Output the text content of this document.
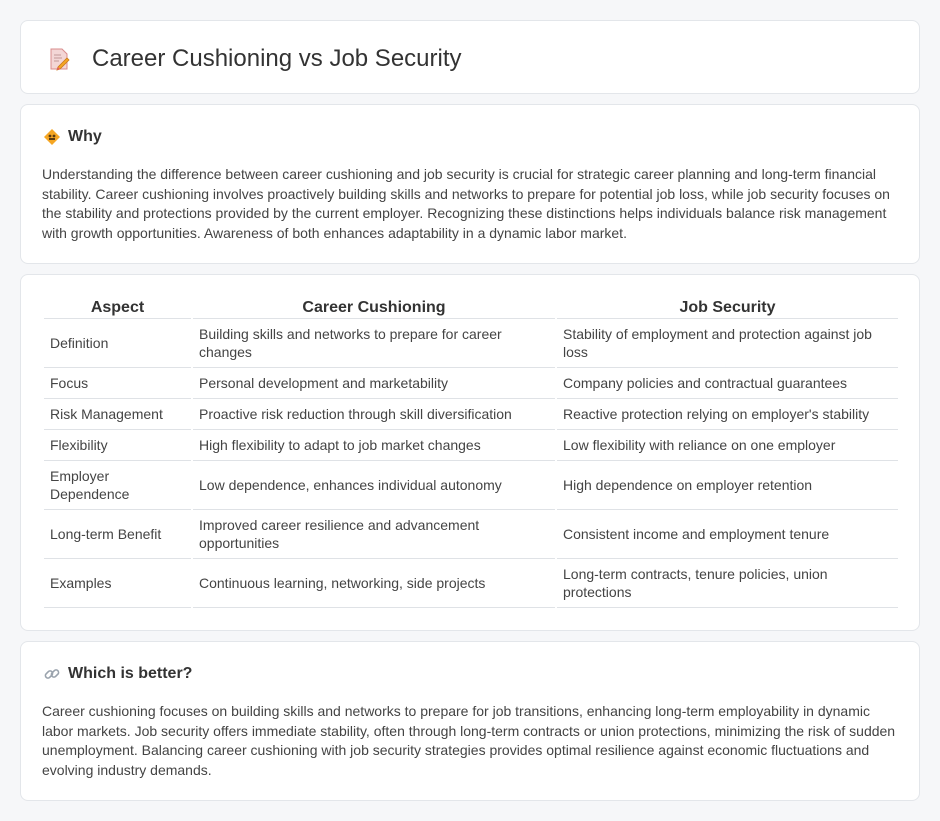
Career Cushioning vs Job Security
Why

Understanding the difference between career cushioning and job security is crucial for strategic career planning and long-term financial stability. Career cushioning involves proactively building skills and networks to prepare for potential job loss, while job security focuses on the stability and protections provided by the current employer. Recognizing these distinctions helps individuals balance risk management with growth opportunities. Awareness of both enhances adaptability in a dynamic labor market.

Aspect	Career Cushioning	Job Security
Definition	Building skills and networks to prepare for career changes	Stability of employment and protection against job loss
Focus	Personal development and marketability	Company policies and contractual guarantees
Risk Management	Proactive risk reduction through skill diversification	Reactive protection relying on employer's stability
Flexibility	High flexibility to adapt to job market changes	Low flexibility with reliance on one employer
Employer Dependence	Low dependence, enhances individual autonomy	High dependence on employer retention
Long-term Benefit	Improved career resilience and advancement opportunities	Consistent income and employment tenure
Examples	Continuous learning, networking, side projects	Long-term contracts, tenure policies, union protections
Which is better?

Career cushioning focuses on building skills and networks to prepare for job transitions, enhancing long-term employability in dynamic labor markets. Job security offers immediate stability, often through long-term contracts or union protections, minimizing the risk of sudden unemployment. Balancing career cushioning with job security strategies provides optimal resilience against economic fluctuations and evolving industry demands.
